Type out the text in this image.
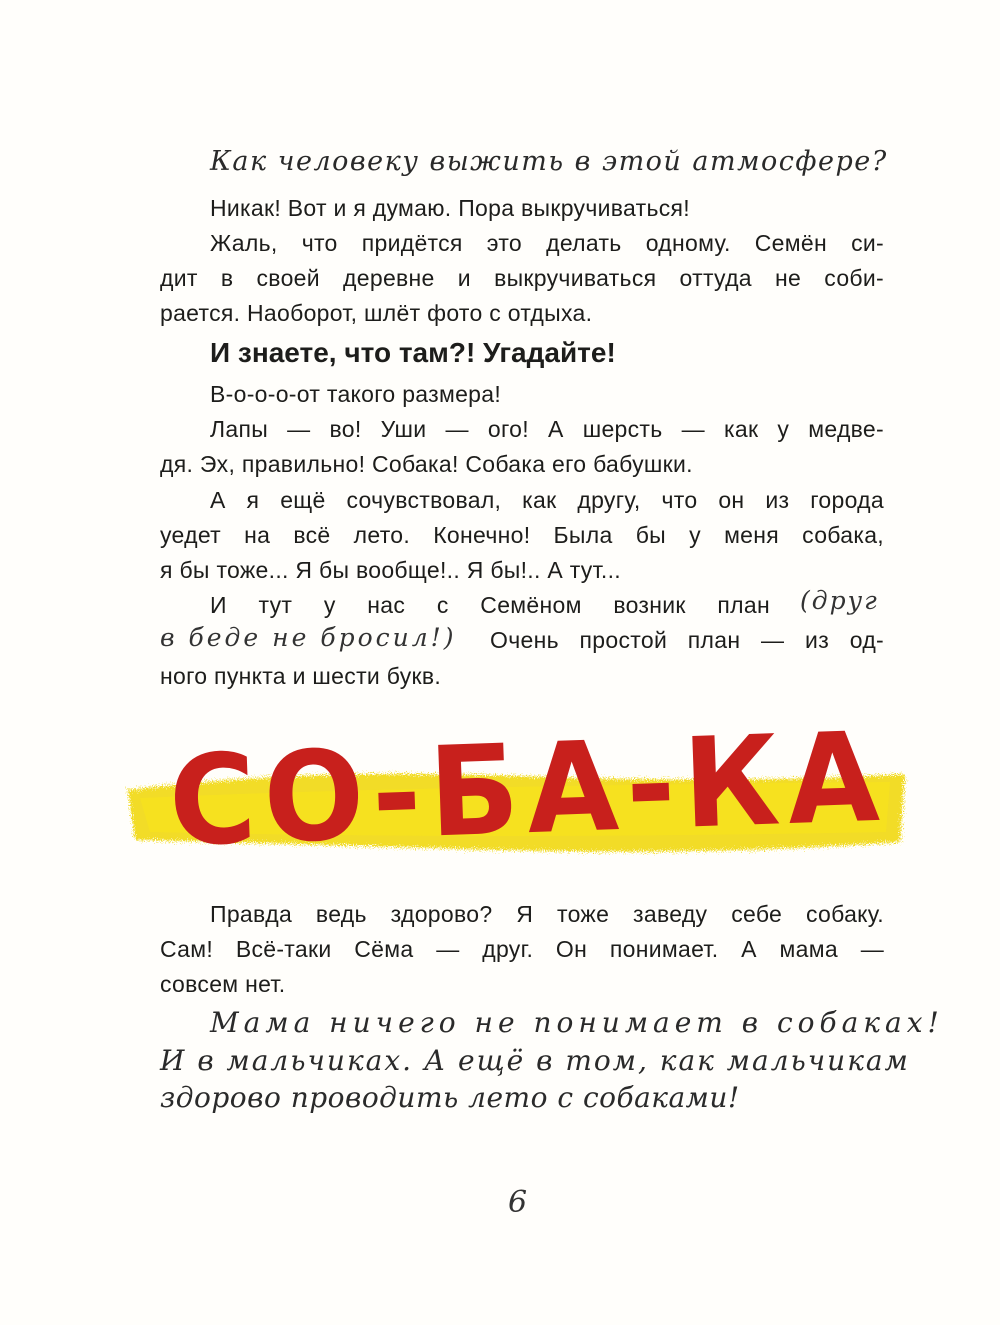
Как человеку выжить в этой атмосфере?
Никак! Вот и я думаю. Пора выкручиваться!
Жаль, что придётся это делать одному. Семён си-
дит в своей деревне и выкручиваться оттуда не соби-
рается. Наоборот, шлёт фото с отдыха.
И знаете, что там?! Угадайте!
В-о-о-о-от такого размера!
Лапы — во! Уши — ого! А шерсть — как у медве-
дя. Эх, правильно! Собака! Собака его бабушки.
А я ещё сочувствовал, как другу, что он из города
уедет на всё лето. Конечно! Была бы у меня собака,
я бы тоже... Я бы вообще!.. Я бы!.. А тут...
И тут у нас с Семёном возник план (друг
в беде не бросил!) Очень простой план — из од-
ного пункта и шести букв.
СО-БА-КА
Правда ведь здорово? Я тоже заведу себе собаку.
Сам! Всё-таки Сёма — друг. Он понимает. А мама —
совсем нет.
Мама ничего не понимает в собаках!
И в мальчиках. А ещё в том, как мальчикам
здорово проводить лето с собаками!
6
